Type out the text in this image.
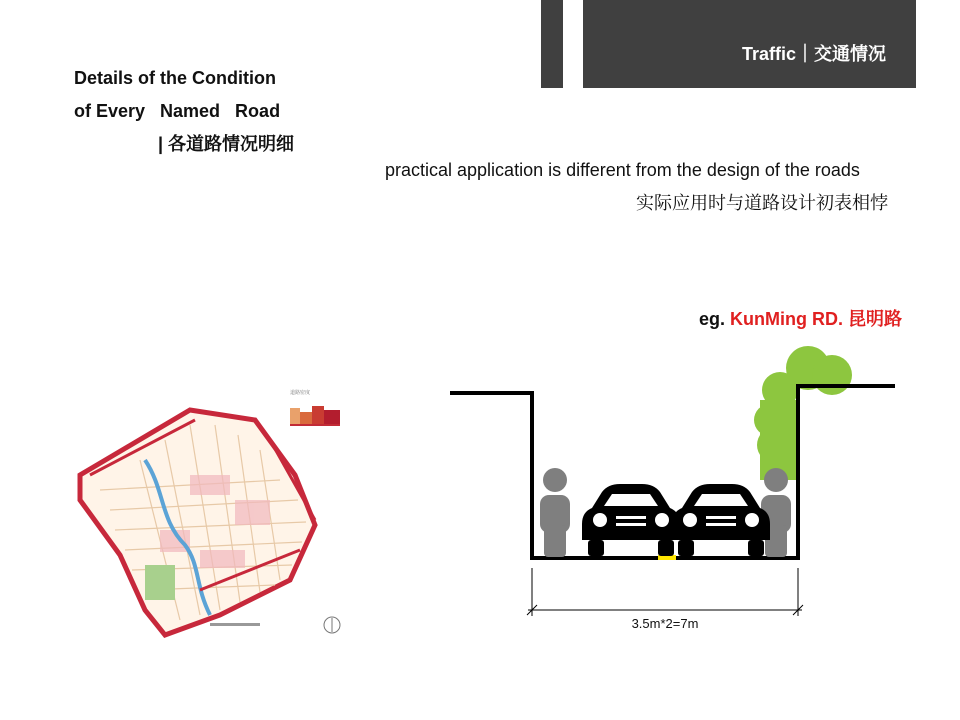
Traffic｜交通情况
Details of the Condition
of Every   Named   Road
| 各道路情况明细
practical application is different from the design of the roads
实际应用时与道路设计初表相悖
eg. KunMing RD. 昆明路
道路密度
3.5m*2=7m
